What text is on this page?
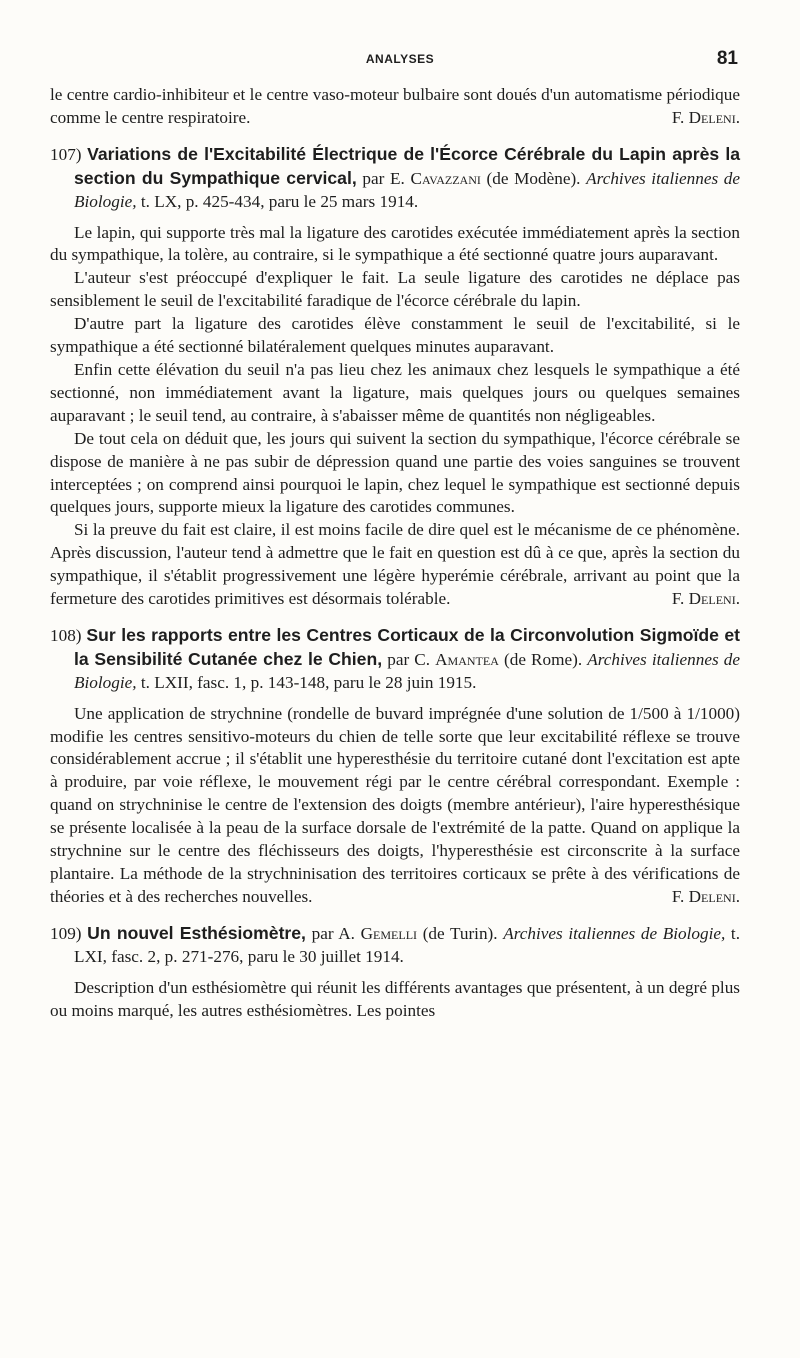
ANALYSES	81

le centre cardio-inhibiteur et le centre vaso-moteur bulbaire sont doués d'un automatisme périodique comme le centre respiratoire.	F. Deleni.

107) Variations de l'Excitabilité Électrique de l'Écorce Cérébrale du Lapin après la section du Sympathique cervical, par E. Cavazzani (de Modène). Archives italiennes de Biologie, t. LX, p. 425-434, paru le 25 mars 1914.

Le lapin, qui supporte très mal la ligature des carotides exécutée immédiatement après la section du sympathique, la tolère, au contraire, si le sympathique a été sectionné quatre jours auparavant.

L'auteur s'est préoccupé d'expliquer le fait. La seule ligature des carotides ne déplace pas sensiblement le seuil de l'excitabilité faradique de l'écorce cérébrale du lapin.

D'autre part la ligature des carotides élève constamment le seuil de l'excitabilité, si le sympathique a été sectionné bilatéralement quelques minutes auparavant.

Enfin cette élévation du seuil n'a pas lieu chez les animaux chez lesquels le sympathique a été sectionné, non immédiatement avant la ligature, mais quelques jours ou quelques semaines auparavant ; le seuil tend, au contraire, à s'abaisser même de quantités non négligeables.

De tout cela on déduit que, les jours qui suivent la section du sympathique, l'écorce cérébrale se dispose de manière à ne pas subir de dépression quand une partie des voies sanguines se trouvent interceptées ; on comprend ainsi pourquoi le lapin, chez lequel le sympathique est sectionné depuis quelques jours, supporte mieux la ligature des carotides communes.

Si la preuve du fait est claire, il est moins facile de dire quel est le mécanisme de ce phénomène. Après discussion, l'auteur tend à admettre que le fait en question est dû à ce que, après la section du sympathique, il s'établit progressivement une légère hyperémie cérébrale, arrivant au point que la fermeture des carotides primitives est désormais tolérable.	F. Deleni.

108) Sur les rapports entre les Centres Corticaux de la Circonvolution Sigmoïde et la Sensibilité Cutanée chez le Chien, par C. Amantea (de Rome). Archives italiennes de Biologie, t. LXII, fasc. 1, p. 143-148, paru le 28 juin 1915.

Une application de strychnine (rondelle de buvard imprégnée d'une solution de 1/500 à 1/1000) modifie les centres sensitivo-moteurs du chien de telle sorte que leur excitabilité réflexe se trouve considérablement accrue ; il s'établit une hyperesthésie du territoire cutané dont l'excitation est apte à produire, par voie réflexe, le mouvement régi par le centre cérébral correspondant. Exemple : quand on strychninise le centre de l'extension des doigts (membre antérieur), l'aire hyperesthésique se présente localisée à la peau de la surface dorsale de l'extrémité de la patte. Quand on applique la strychnine sur le centre des fléchisseurs des doigts, l'hyperesthésie est circonscrite à la surface plantaire. La méthode de la strychninisation des territoires corticaux se prête à des vérifications de théories et à des recherches nouvelles.	F. Deleni.

109) Un nouvel Esthésiomètre, par A. Gemelli (de Turin). Archives italiennes de Biologie, t. LXI, fasc. 2, p. 271-276, paru le 30 juillet 1914.

Description d'un esthésiomètre qui réunit les différents avantages que présentent, à un degré plus ou moins marqué, les autres esthésiomètres. Les pointes
